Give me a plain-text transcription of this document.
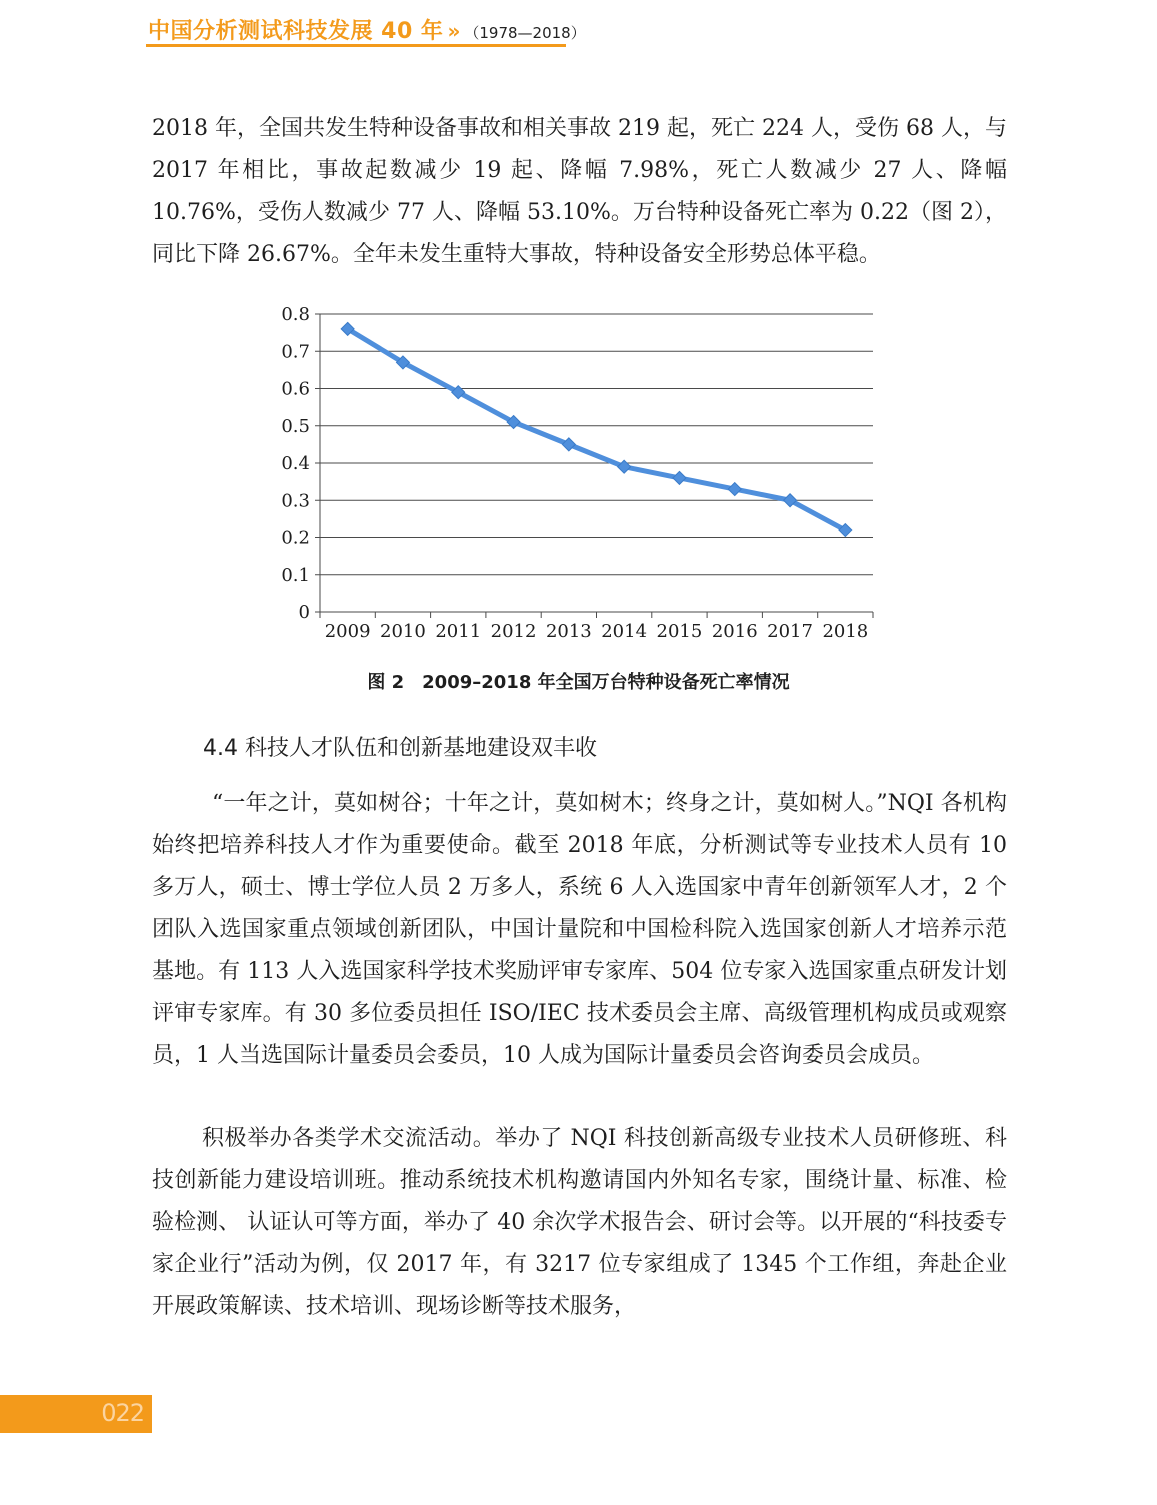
中国分析测试科技发展 40 年 » （1978—2018）

2018 年，全国共发生特种设备事故和相关事故 219 起，死亡 224 人，受伤 68 人，与 2017 年相比，事故起数减少 19 起、降幅 7.98%，死亡人数减少 27 人、降幅 10.76%，受伤人数减少 77 人、降幅 53.10%。万台特种设备死亡率为 0.22（图 2），同比下降 26.67%。全年未发生重特大事故，特种设备安全形势总体平稳。

0
0.1
0.2
0.3
0.4
0.5
0.6
0.7
0.8
2009 2010 2011 2012 2013 2014 2015 2016 2017 2018
图 2　2009–2018 年全国万台特种设备死亡率情况
4.4 科技人才队伍和创新基地建设双丰收

“一年之计，莫如树谷；十年之计，莫如树木；终身之计，莫如树人。”NQI 各机构始终把培养科技人才作为重要使命。截至 2018 年底，分析测试等专业技术人员有 10 多万人，硕士、博士学位人员 2 万多人，系统 6 人入选国家中青年创新领军人才，2 个团队入选国家重点领域创新团队，中国计量院和中国检科院入选国家创新人才培养示范基地。有 113 人入选国家科学技术奖励评审专家库、504 位专家入选国家重点研发计划评审专家库。有 30 多位委员担任 ISO/IEC 技术委员会主席、高级管理机构成员或观察员，1 人当选国际计量委员会委员，10 人成为国际计量委员会咨询委员会成员。

积极举办各类学术交流活动。举办了 NQI 科技创新高级专业技术人员研修班、科技创新能力建设培训班。推动系统技术机构邀请国内外知名专家，围绕计量、标准、检验检测、 认证认可等方面，举办了 40 余次学术报告会、研讨会等。以开展的“科技委专家企业行”活动为例，仅 2017 年，有 3217 位专家组成了 1345 个工作组，奔赴企业开展政策解读、技术培训、现场诊断等技术服务，

022
